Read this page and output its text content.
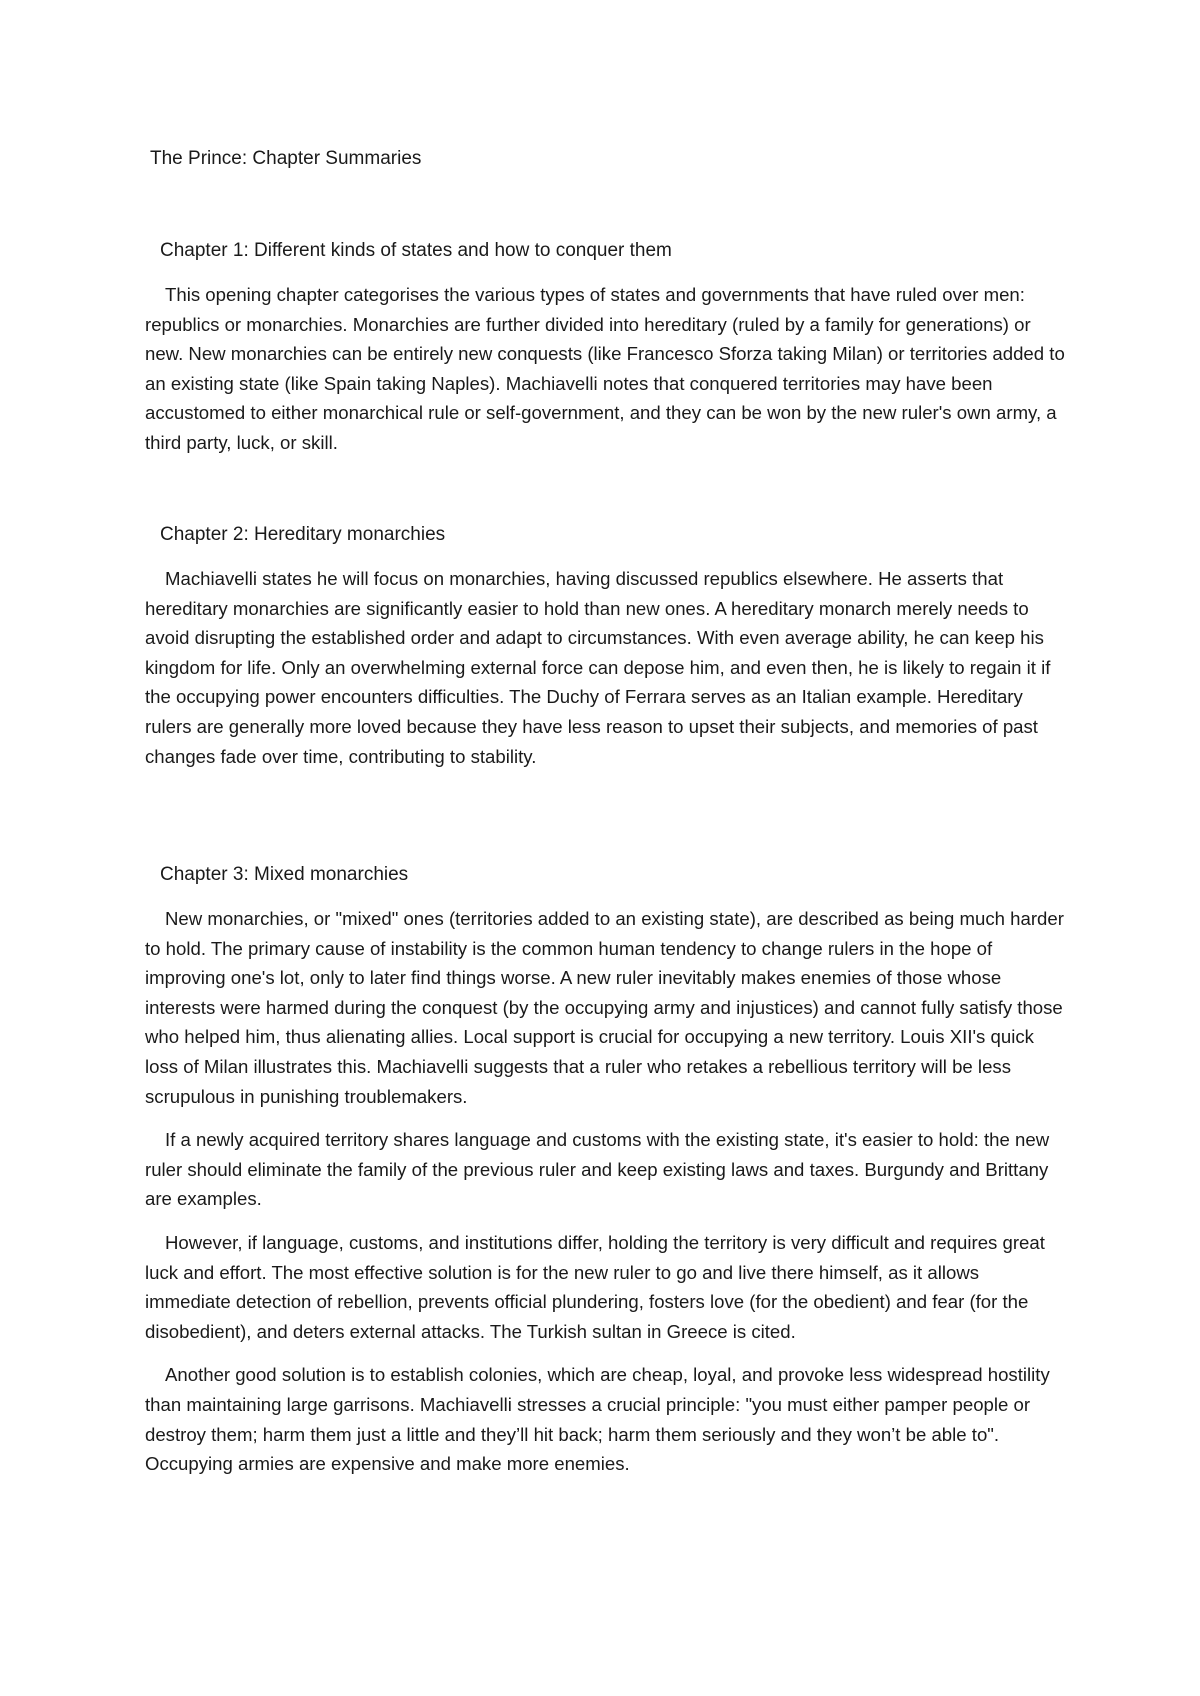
The Prince: Chapter Summaries
Chapter 1: Different kinds of states and how to conquer them

This opening chapter categorises the various types of states and governments that have ruled over men: republics or monarchies. Monarchies are further divided into hereditary (ruled by a family for generations) or new. New monarchies can be entirely new conquests (like Francesco Sforza taking Milan) or territories added to an existing state (like Spain taking Naples). Machiavelli notes that conquered territories may have been accustomed to either monarchical rule or self-government, and they can be won by the new ruler's own army, a third party, luck, or skill.

Chapter 2: Hereditary monarchies

Machiavelli states he will focus on monarchies, having discussed republics elsewhere. He asserts that hereditary monarchies are significantly easier to hold than new ones. A hereditary monarch merely needs to avoid disrupting the established order and adapt to circumstances. With even average ability, he can keep his kingdom for life. Only an overwhelming external force can depose him, and even then, he is likely to regain it if the occupying power encounters difficulties. The Duchy of Ferrara serves as an Italian example. Hereditary rulers are generally more loved because they have less reason to upset their subjects, and memories of past changes fade over time, contributing to stability.

Chapter 3: Mixed monarchies

New monarchies, or "mixed" ones (territories added to an existing state), are described as being much harder to hold. The primary cause of instability is the common human tendency to change rulers in the hope of improving one's lot, only to later find things worse. A new ruler inevitably makes enemies of those whose interests were harmed during the conquest (by the occupying army and injustices) and cannot fully satisfy those who helped him, thus alienating allies. Local support is crucial for occupying a new territory. Louis XII's quick loss of Milan illustrates this. Machiavelli suggests that a ruler who retakes a rebellious territory will be less scrupulous in punishing troublemakers.

If a newly acquired territory shares language and customs with the existing state, it's easier to hold: the new ruler should eliminate the family of the previous ruler and keep existing laws and taxes. Burgundy and Brittany are examples.

However, if language, customs, and institutions differ, holding the territory is very difficult and requires great luck and effort. The most effective solution is for the new ruler to go and live there himself, as it allows immediate detection of rebellion, prevents official plundering, fosters love (for the obedient) and fear (for the disobedient), and deters external attacks. The Turkish sultan in Greece is cited.

Another good solution is to establish colonies, which are cheap, loyal, and provoke less widespread hostility than maintaining large garrisons. Machiavelli stresses a crucial principle: "you must either pamper people or destroy them; harm them just a little and they’ll hit back; harm them seriously and they won’t be able to". Occupying armies are expensive and make more enemies.
